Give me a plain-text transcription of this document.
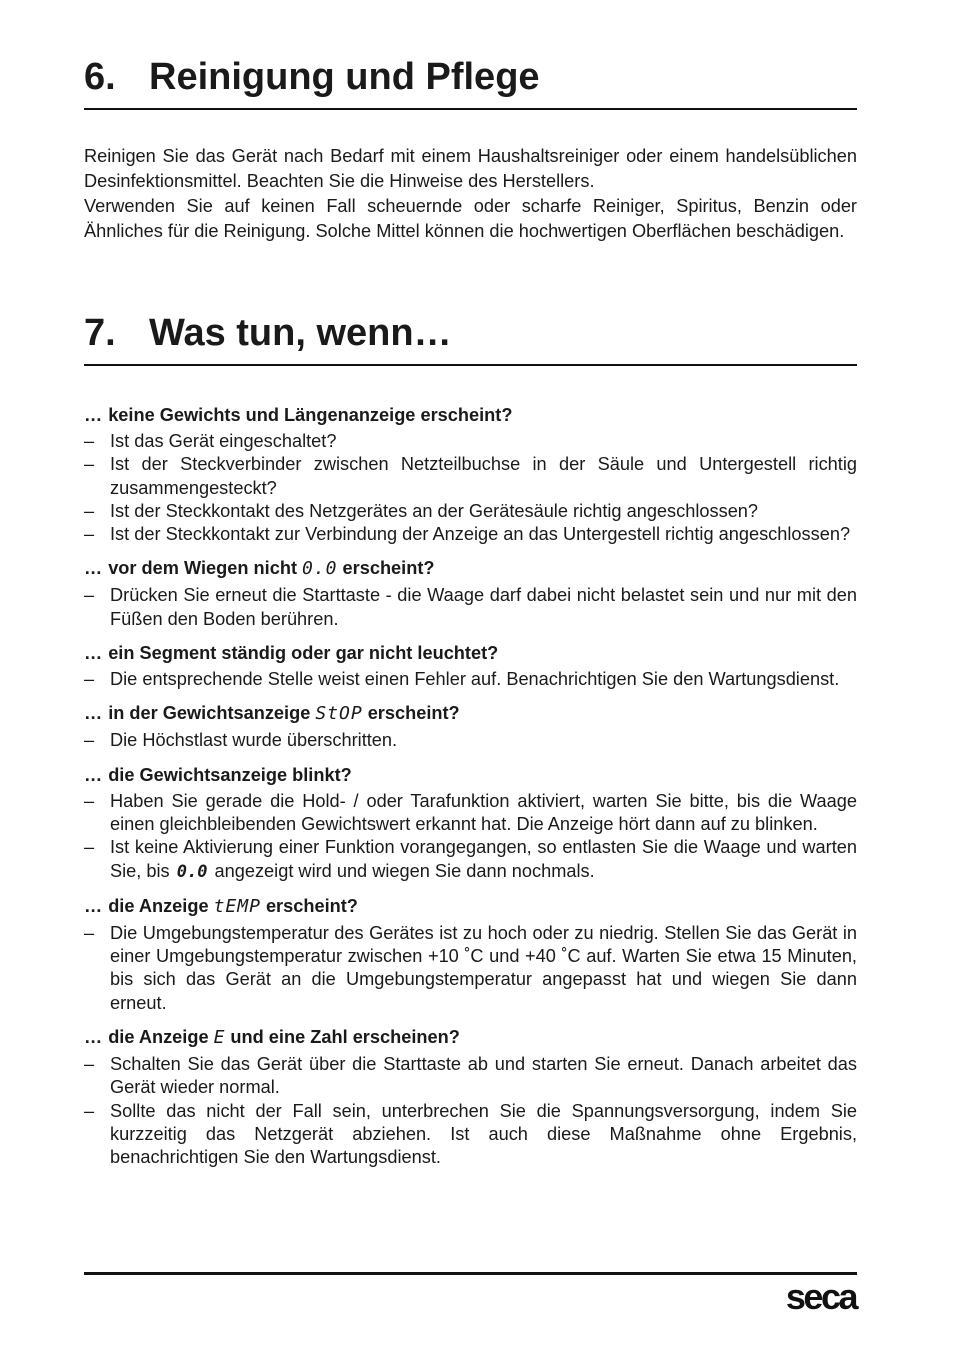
6. Reinigung und Pflege

Reinigen Sie das Gerät nach Bedarf mit einem Haushaltsreiniger oder einem handelsüblichen Desinfektionsmittel. Beachten Sie die Hinweise des Herstellers.

Verwenden Sie auf keinen Fall scheuernde oder scharfe Reiniger, Spiritus, Benzin oder Ähnliches für die Reinigung. Solche Mittel können die hochwertigen Oberflächen beschädigen.

7. Was tun, wenn…
… keine Gewichts und Längenanzeige erscheint?
– Ist das Gerät eingeschaltet?
– Ist der Steckverbinder zwischen Netzteilbuchse in der Säule und Untergestell richtig zusammengesteckt?
– Ist der Steckkontakt des Netzgerätes an der Gerätesäule richtig angeschlossen?
– Ist der Steckkontakt zur Verbindung der Anzeige an das Untergestell richtig angeschlossen?
… vor dem Wiegen nicht 0.0 erscheint?
– Drücken Sie erneut die Starttaste - die Waage darf dabei nicht belastet sein und nur mit den Füßen den Boden berühren.
… ein Segment ständig oder gar nicht leuchtet?
– Die entsprechende Stelle weist einen Fehler auf. Benachrichtigen Sie den Wartungsdienst.
… in der Gewichtsanzeige StOP erscheint?
– Die Höchstlast wurde überschritten.
… die Gewichtsanzeige blinkt?
– Haben Sie gerade die Hold- / oder Tarafunktion aktiviert, warten Sie bitte, bis die Waage einen gleichbleibenden Gewichtswert erkannt hat. Die Anzeige hört dann auf zu blinken.
– Ist keine Aktivierung einer Funktion vorangegangen, so entlasten Sie die Waage und warten Sie, bis 0.0 angezeigt wird und wiegen Sie dann nochmals.
… die Anzeige tEMP erscheint?
– Die Umgebungstemperatur des Gerätes ist zu hoch oder zu niedrig. Stellen Sie das Gerät in einer Umgebungstemperatur zwischen +10 ˚C und +40 ˚C auf. Warten Sie etwa 15 Minuten, bis sich das Gerät an die Umgebungstemperatur angepasst hat und wiegen Sie dann erneut.
… die Anzeige E und eine Zahl erscheinen?
– Schalten Sie das Gerät über die Starttaste ab und starten Sie erneut. Danach arbeitet das Gerät wieder normal.
– Sollte das nicht der Fall sein, unterbrechen Sie die Spannungsversorgung, indem Sie kurzzeitig das Netzgerät abziehen. Ist auch diese Maßnahme ohne Ergebnis, benachrichtigen Sie den Wartungsdienst.
seca
